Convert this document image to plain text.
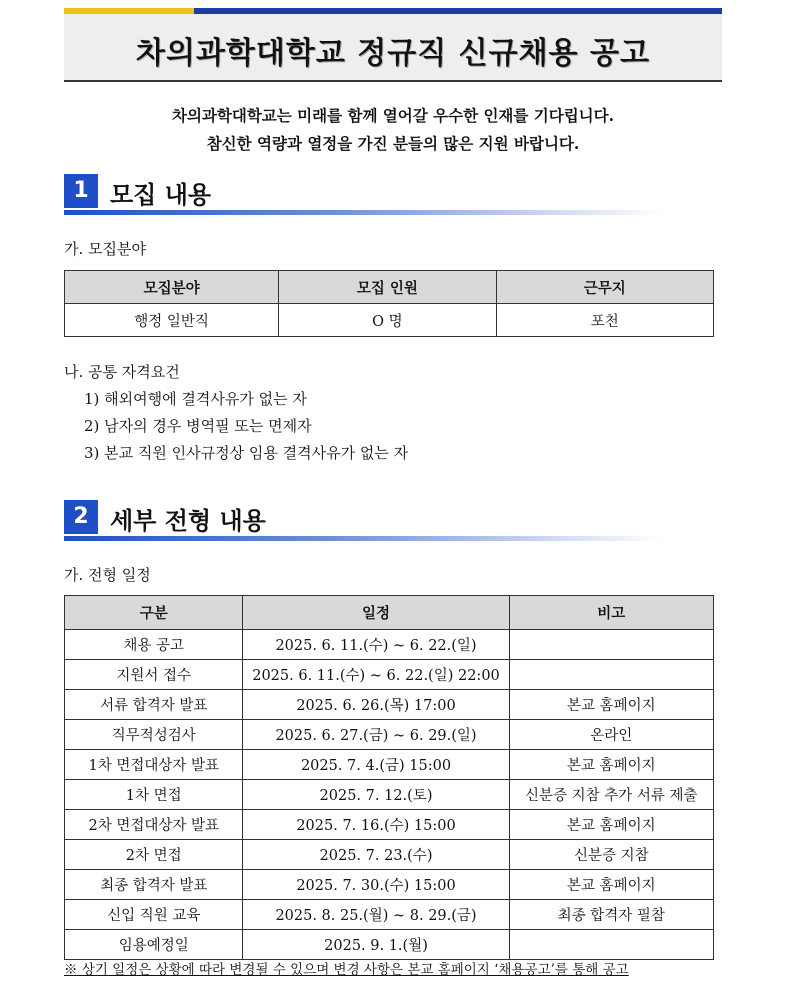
차의과학대학교 정규직 신규채용 공고
차의과학대학교는 미래를 함께 열어갈 우수한 인재를 기다립니다.
참신한 역량과 열정을 가진 분들의 많은 지원 바랍니다.
1 모집 내용
가. 모집분야
모집분야	모집 인원	근무지
행정 일반직	O 명	포천
나. 공통 자격요건
1) 해외여행에 결격사유가 없는 자
2) 남자의 경우 병역필 또는 면제자
3) 본교 직원 인사규정상 임용 결격사유가 없는 자
2 세부 전형 내용
가. 전형 일정
구분	일정	비고
채용 공고	2025. 6. 11.(수) ~ 6. 22.(일)	
지원서 접수	2025. 6. 11.(수) ~ 6. 22.(일) 22:00	
서류 합격자 발표	2025. 6. 26.(목) 17:00	본교 홈페이지
직무적성검사	2025. 6. 27.(금) ~ 6. 29.(일)	온라인
1차 면접대상자 발표	2025. 7. 4.(금) 15:00	본교 홈페이지
1차 면접	2025. 7. 12.(토)	신분증 지참 추가 서류 제출
2차 면접대상자 발표	2025. 7. 16.(수) 15:00	본교 홈페이지
2차 면접	2025. 7. 23.(수)	신분증 지참
최종 합격자 발표	2025. 7. 30.(수) 15:00	본교 홈페이지
신입 직원 교육	2025. 8. 25.(월) ~ 8. 29.(금)	최종 합격자 필참
임용예정일	2025. 9. 1.(월)	
※ 상기 일정은 상황에 따라 변경될 수 있으며 변경 사항은 본교 홈페이지 ‘채용공고’를 통해 공고
